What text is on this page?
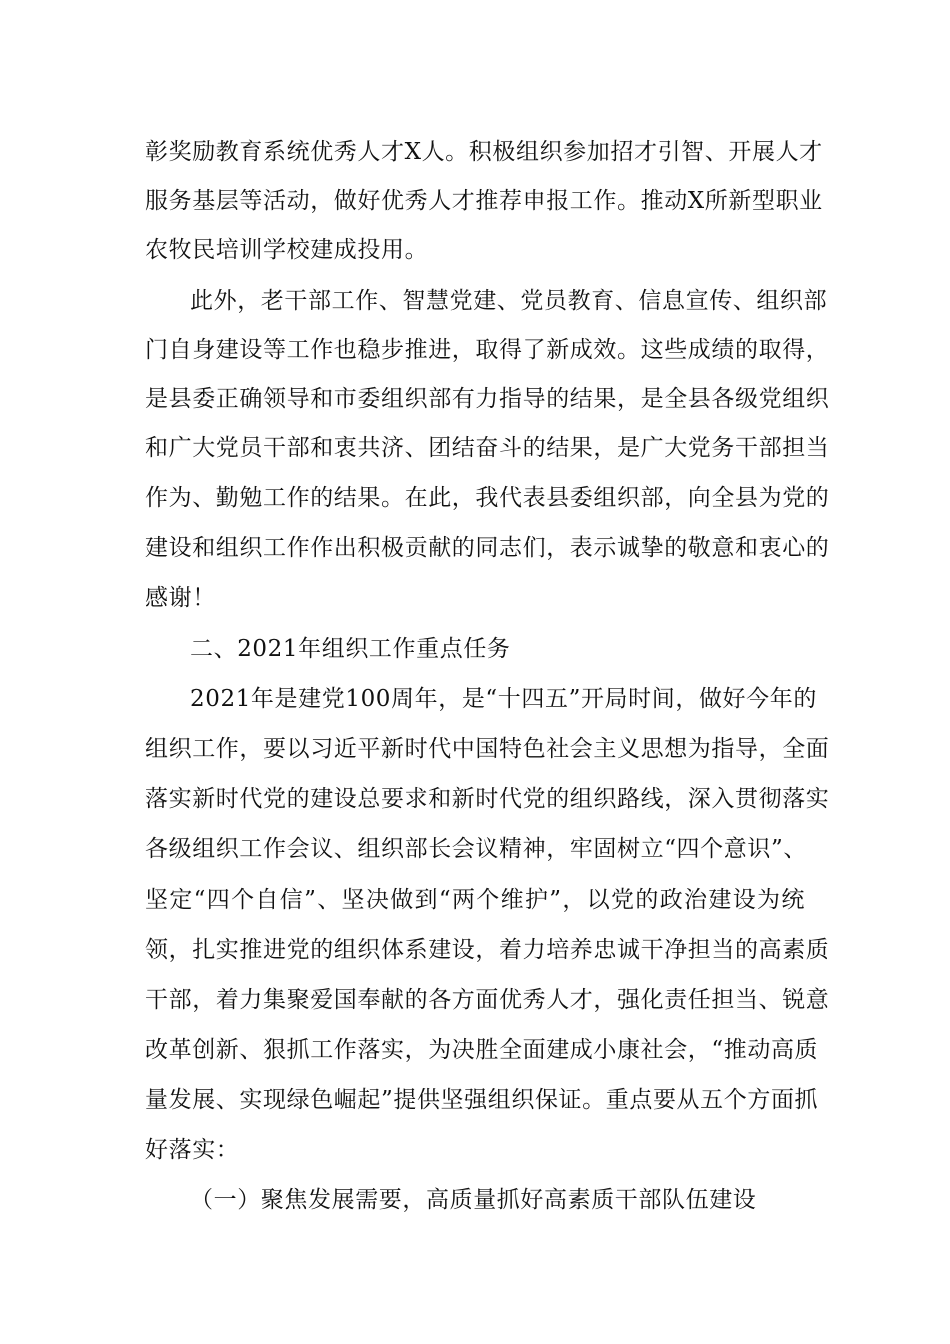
彰奖励教育系统优秀人才X人。积极组织参加招才引智、开展人才
服务基层等活动，做好优秀人才推荐申报工作。推动X所新型职业
农牧民培训学校建成投用。
此外，老干部工作、智慧党建、党员教育、信息宣传、组织部
门自身建设等工作也稳步推进，取得了新成效。这些成绩的取得，
是县委正确领导和市委组织部有力指导的结果，是全县各级党组织
和广大党员干部和衷共济、团结奋斗的结果，是广大党务干部担当
作为、勤勉工作的结果。在此，我代表县委组织部，向全县为党的
建设和组织工作作出积极贡献的同志们，表示诚挚的敬意和衷心的
感谢！
二、2021年组织工作重点任务
2021年是建党100周年，是“十四五”开局时间，做好今年的
组织工作，要以习近平新时代中国特色社会主义思想为指导，全面
落实新时代党的建设总要求和新时代党的组织路线，深入贯彻落实
各级组织工作会议、组织部长会议精神，牢固树立“四个意识”、
坚定“四个自信”、坚决做到“两个维护”，以党的政治建设为统
领，扎实推进党的组织体系建设，着力培养忠诚干净担当的高素质
干部，着力集聚爱国奉献的各方面优秀人才，强化责任担当、锐意
改革创新、狠抓工作落实，为决胜全面建成小康社会，“推动高质
量发展、实现绿色崛起”提供坚强组织保证。重点要从五个方面抓
好落实：
（一）聚焦发展需要，高质量抓好高素质干部队伍建设
